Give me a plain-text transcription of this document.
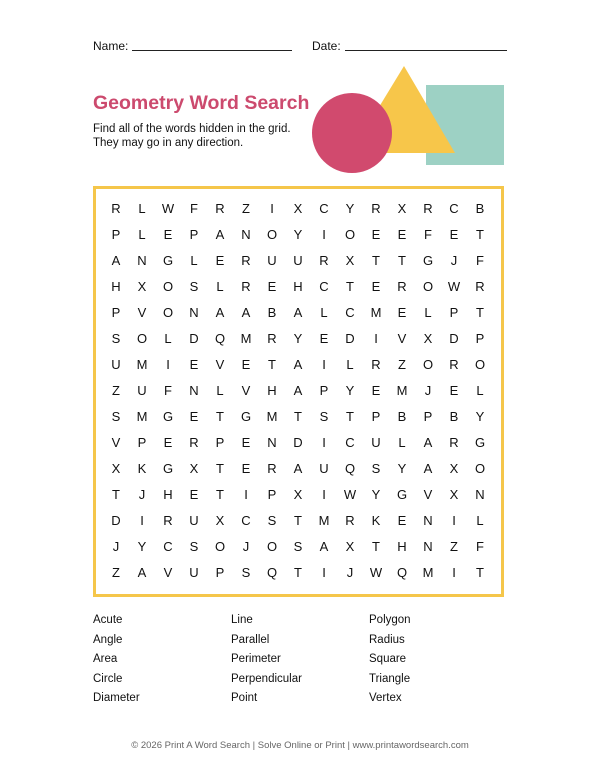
Name:	Date:
Geometry Word Search
Find all of the words hidden in the grid.
They may go in any direction.
R	L	W	F	R	Z	I	X	C	Y	R	X	R	C	B
P	L	E	P	A	N	O	Y	I	O	E	E	F	E	T
A	N	G	L	E	R	U	U	R	X	T	T	G	J	F
H	X	O	S	L	R	E	H	C	T	E	R	O	W	R
P	V	O	N	A	A	B	A	L	C	M	E	L	P	T
S	O	L	D	Q	M	R	Y	E	D	I	V	X	D	P
U	M	I	E	V	E	T	A	I	L	R	Z	O	R	O
Z	U	F	N	L	V	H	A	P	Y	E	M	J	E	L
S	M	G	E	T	G	M	T	S	T	P	B	P	B	Y
V	P	E	R	P	E	N	D	I	C	U	L	A	R	G
X	K	G	X	T	E	R	A	U	Q	S	Y	A	X	O
T	J	H	E	T	I	P	X	I	W	Y	G	V	X	N
D	I	R	U	X	C	S	T	M	R	K	E	N	I	L
J	Y	C	S	O	J	O	S	A	X	T	H	N	Z	F
Z	A	V	U	P	S	Q	T	I	J	W	Q	M	I	T
Acute
Angle
Area
Circle
Diameter
Line
Parallel
Perimeter
Perpendicular
Point
Polygon
Radius
Square
Triangle
Vertex
© 2026 Print A Word Search | Solve Online or Print | www.printawordsearch.com
